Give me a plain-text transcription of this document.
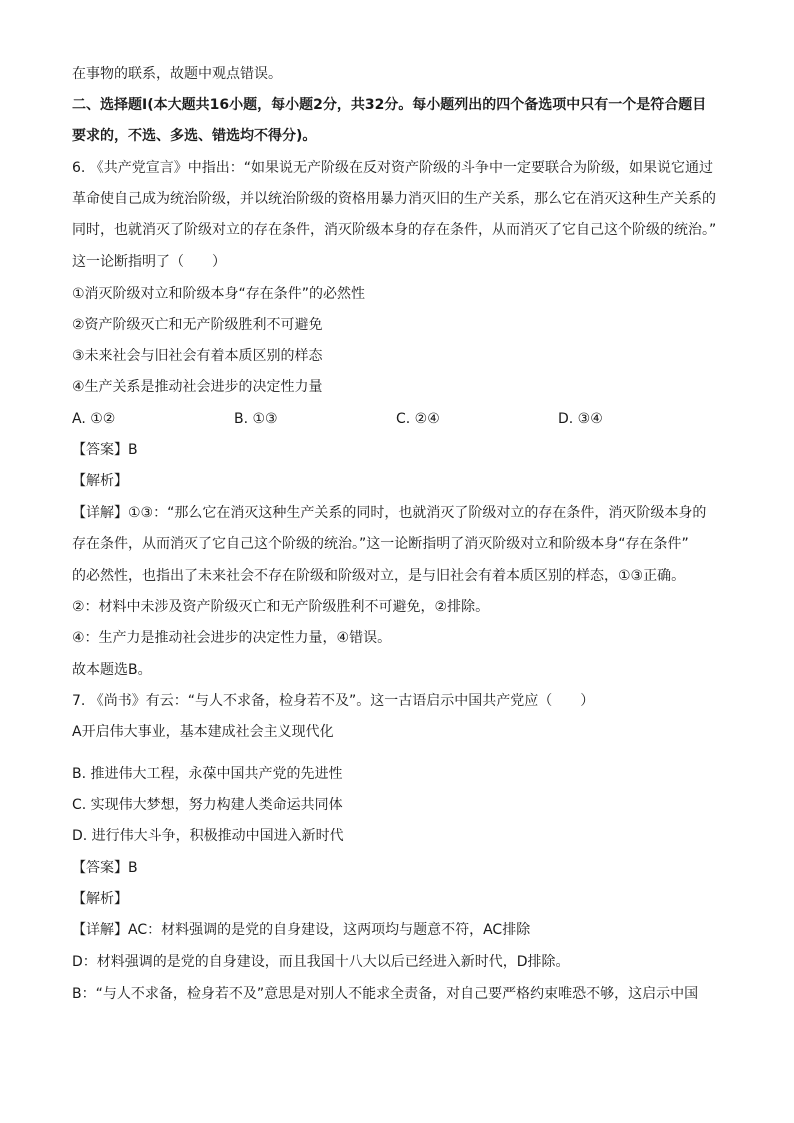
在事物的联系，故题中观点错误。
二、选择题Ⅰ(本大题共16小题，每小题2分，共32分。每小题列出的四个备选项中只有一个是符合题目
要求的，不选、多选、错选均不得分)。
6. 《共产党宣言》中指出：“如果说无产阶级在反对资产阶级的斗争中一定要联合为阶级，如果说它通过
革命使自己成为统治阶级，并以统治阶级的资格用暴力消灭旧的生产关系，那么它在消灭这种生产关系的
同时，也就消灭了阶级对立的存在条件，消灭阶级本身的存在条件，从而消灭了它自己这个阶级的统治。”
这一论断指明了（　　）
①消灭阶级对立和阶级本身“存在条件”的必然性
②资产阶级灭亡和无产阶级胜利不可避免
③未来社会与旧社会有着本质区别的样态
④生产关系是推动社会进步的决定性力量
A. ①②	B. ①③	C. ②④	D. ③④
【答案】B
【解析】
【详解】①③：“那么它在消灭这种生产关系的同时，也就消灭了阶级对立的存在条件，消灭阶级本身的
存在条件，从而消灭了它自己这个阶级的统治。”这一论断指明了消灭阶级对立和阶级本身“存在条件”
的必然性，也指出了未来社会不存在阶级和阶级对立，是与旧社会有着本质区别的样态，①③正确。
②：材料中未涉及资产阶级灭亡和无产阶级胜利不可避免，②排除。
④：生产力是推动社会进步的决定性力量，④错误。
故本题选B。
7. 《尚书》有云：“与人不求备，检身若不及”。这一古语启示中国共产党应（　　）
A开启伟大事业，基本建成社会主义现代化
B. 推进伟大工程，永葆中国共产党的先进性
C. 实现伟大梦想，努力构建人类命运共同体
D. 进行伟大斗争，积极推动中国进入新时代
【答案】B
【解析】
【详解】AC：材料强调的是党的自身建设，这两项均与题意不符，AC排除
D：材料强调的是党的自身建设，而且我国十八大以后已经进入新时代，D排除。
B：“与人不求备，检身若不及”意思是对别人不能求全责备，对自己要严格约束唯恐不够，这启示中国
